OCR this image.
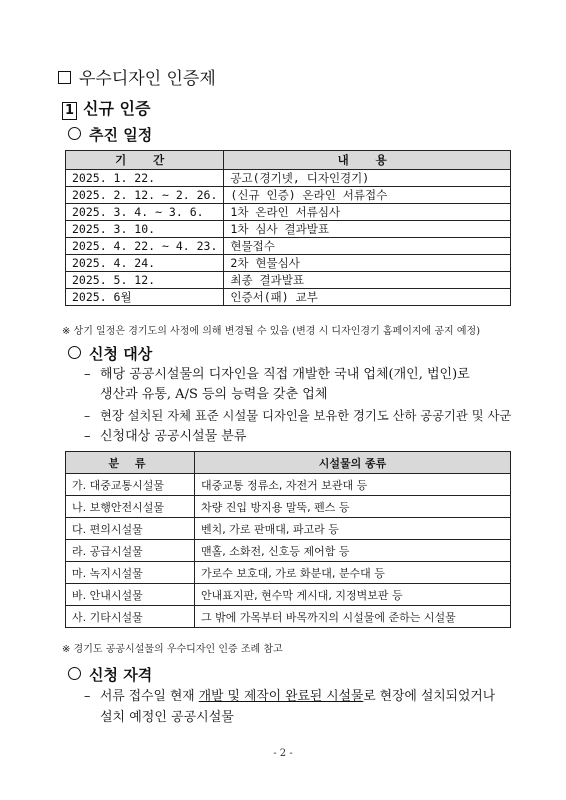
우수디자인 인증제
1 신규 인증
추진 일정
기 간	내 용
2025. 1. 22.	공고(경기넷, 디자인경기)
2025. 2. 12. ~ 2. 26.	(신규 인증) 온라인 서류접수
2025. 3. 4. ~ 3. 6.	1차 온라인 서류심사
2025. 3. 10.	1차 심사 결과발표
2025. 4. 22. ~ 4. 23.	현물접수
2025. 4. 24.	2차 현물심사
2025. 5. 12.	최종 결과발표
2025. 6월	인증서(패) 교부
※ 상기 일정은 경기도의 사정에 의해 변경될 수 있음 (변경 시 디자인경기 홈페이지에 공지 예정)
신청 대상
– 해당 공공시설물의 디자인을 직접 개발한 국내 업체(개인, 법인)로
생산과 유통, A/S 등의 능력을 갖춘 업체
– 현장 설치된 자체 표준 시설물 디자인을 보유한 경기도 산하 공공기관 및 사군
– 신청대상 공공시설물 분류
분 류	시설물의 종류
가. 대중교통시설물	대중교통 정류소, 자전거 보관대 등
나. 보행안전시설물	차량 진입 방지용 말뚝, 펜스 등
다. 편의시설물	벤치, 가로 판매대, 파고라 등
라. 공급시설물	맨홀, 소화전, 신호등 제어함 등
마. 녹지시설물	가로수 보호대, 가로 화분대, 분수대 등
바. 안내시설물	안내표지판, 현수막 게시대, 지정벽보판 등
사. 기타시설물	그 밖에 가목부터 바목까지의 시설물에 준하는 시설물
※ 경기도 공공시설물의 우수디자인 인증 조례 참고
신청 자격
– 서류 접수일 현재 개발 및 제작이 완료된 시설물로 현장에 설치되었거나
설치 예정인 공공시설물
- 2 -
